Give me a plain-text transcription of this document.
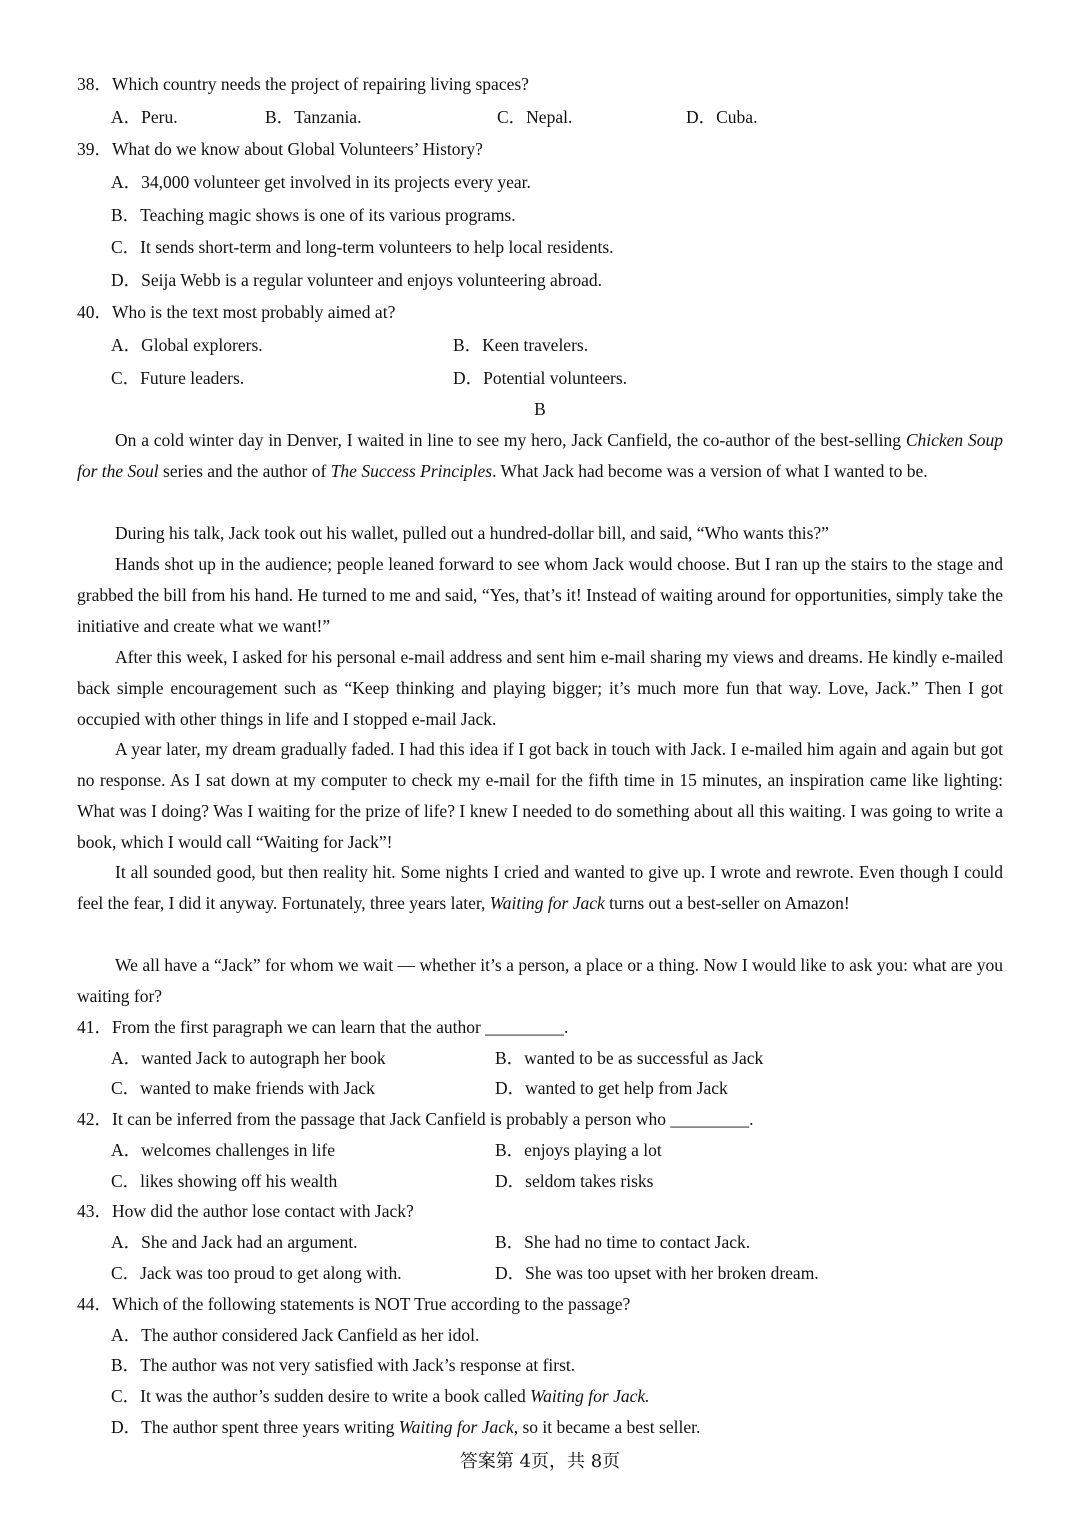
38．Which country needs the project of repairing living spaces?
A．Peru.	B．Tanzania.	C．Nepal.	D．Cuba.
39．What do we know about Global Volunteers’ History?
A．34,000 volunteer get involved in its projects every year.
B．Teaching magic shows is one of its various programs.
C．It sends short-term and long-term volunteers to help local residents.
D．Seija Webb is a regular volunteer and enjoys volunteering abroad.
40．Who is the text most probably aimed at?
A．Global explorers.	B．Keen travelers.
C．Future leaders.	D．Potential volunteers.
B
On a cold winter day in Denver, I waited in line to see my hero, Jack Canfield, the co-author of the best-selling Chicken Soup for the Soul series and the author of The Success Principles. What Jack had become was a version of what I wanted to be.
During his talk, Jack took out his wallet, pulled out a hundred-dollar bill, and said, “Who wants this?”
Hands shot up in the audience; people leaned forward to see whom Jack would choose. But I ran up the stairs to the stage and grabbed the bill from his hand. He turned to me and said, “Yes, that’s it! Instead of waiting around for opportunities, simply take the initiative and create what we want!”
After this week, I asked for his personal e-mail address and sent him e-mail sharing my views and dreams. He kindly e-mailed back simple encouragement such as “Keep thinking and playing bigger; it’s much more fun that way. Love, Jack.” Then I got occupied with other things in life and I stopped e-mail Jack.
A year later, my dream gradually faded. I had this idea if I got back in touch with Jack. I e-mailed him again and again but got no response. As I sat down at my computer to check my e-mail for the fifth time in 15 minutes, an inspiration came like lighting: What was I doing? Was I waiting for the prize of life? I knew I needed to do something about all this waiting. I was going to write a book, which I would call “Waiting for Jack”!
It all sounded good, but then reality hit. Some nights I cried and wanted to give up. I wrote and rewrote. Even though I could feel the fear, I did it anyway. Fortunately, three years later, Waiting for Jack turns out a best-seller on Amazon!
We all have a “Jack” for whom we wait — whether it’s a person, a place or a thing. Now I would like to ask you: what are you waiting for?
41．From the first paragraph we can learn that the author _________.
A．wanted Jack to autograph her book	B．wanted to be as successful as Jack
C．wanted to make friends with Jack	D．wanted to get help from Jack
42．It can be inferred from the passage that Jack Canfield is probably a person who _________.
A．welcomes challenges in life	B．enjoys playing a lot
C．likes showing off his wealth	D．seldom takes risks
43．How did the author lose contact with Jack?
A．She and Jack had an argument.	B．She had no time to contact Jack.
C．Jack was too proud to get along with.	D．She was too upset with her broken dream.
44．Which of the following statements is NOT True according to the passage?
A．The author considered Jack Canfield as her idol.
B．The author was not very satisfied with Jack’s response at first.
C．It was the author’s sudden desire to write a book called Waiting for Jack.
D．The author spent three years writing Waiting for Jack, so it became a best seller.
答案第 4页，共 8页
